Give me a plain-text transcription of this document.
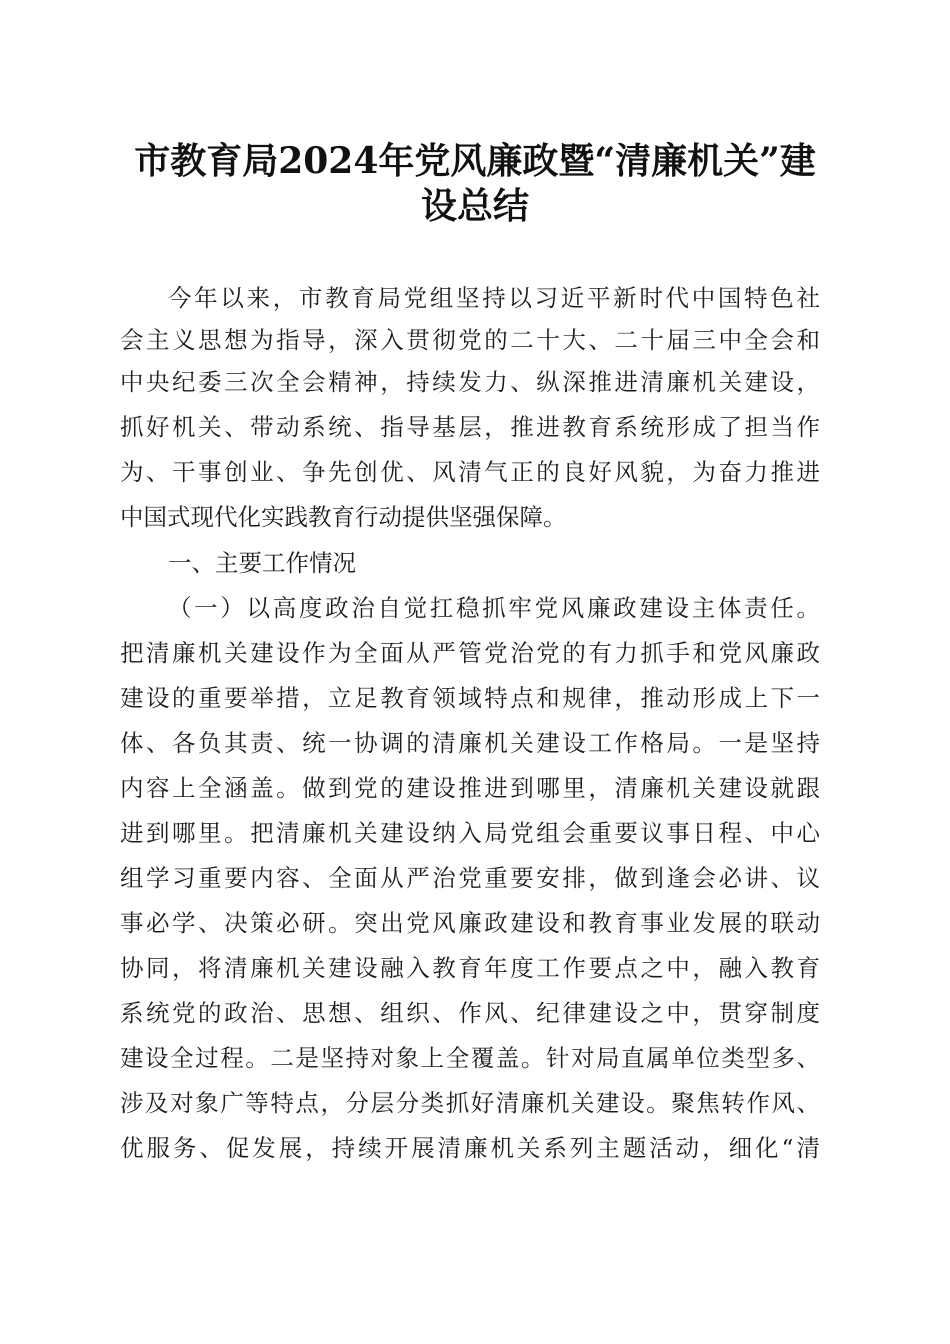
市教育局2024年党风廉政暨“清廉机关”建
设总结
今年以来，市教育局党组坚持以习近平新时代中国特色社
会主义思想为指导，深入贯彻党的二十大、二十届三中全会和
中央纪委三次全会精神，持续发力、纵深推进清廉机关建设，
抓好机关、带动系统、指导基层，推进教育系统形成了担当作
为、干事创业、争先创优、风清气正的良好风貌，为奋力推进
中国式现代化实践教育行动提供坚强保障。
一、主要工作情况
（一）以高度政治自觉扛稳抓牢党风廉政建设主体责任。
把清廉机关建设作为全面从严管党治党的有力抓手和党风廉政
建设的重要举措，立足教育领域特点和规律，推动形成上下一
体、各负其责、统一协调的清廉机关建设工作格局。一是坚持
内容上全涵盖。做到党的建设推进到哪里，清廉机关建设就跟
进到哪里。把清廉机关建设纳入局党组会重要议事日程、中心
组学习重要内容、全面从严治党重要安排，做到逢会必讲、议
事必学、决策必研。突出党风廉政建设和教育事业发展的联动
协同，将清廉机关建设融入教育年度工作要点之中，融入教育
系统党的政治、思想、组织、作风、纪律建设之中，贯穿制度
建设全过程。二是坚持对象上全覆盖。针对局直属单位类型多、
涉及对象广等特点，分层分类抓好清廉机关建设。聚焦转作风、
优服务、促发展，持续开展清廉机关系列主题活动，细化“清
